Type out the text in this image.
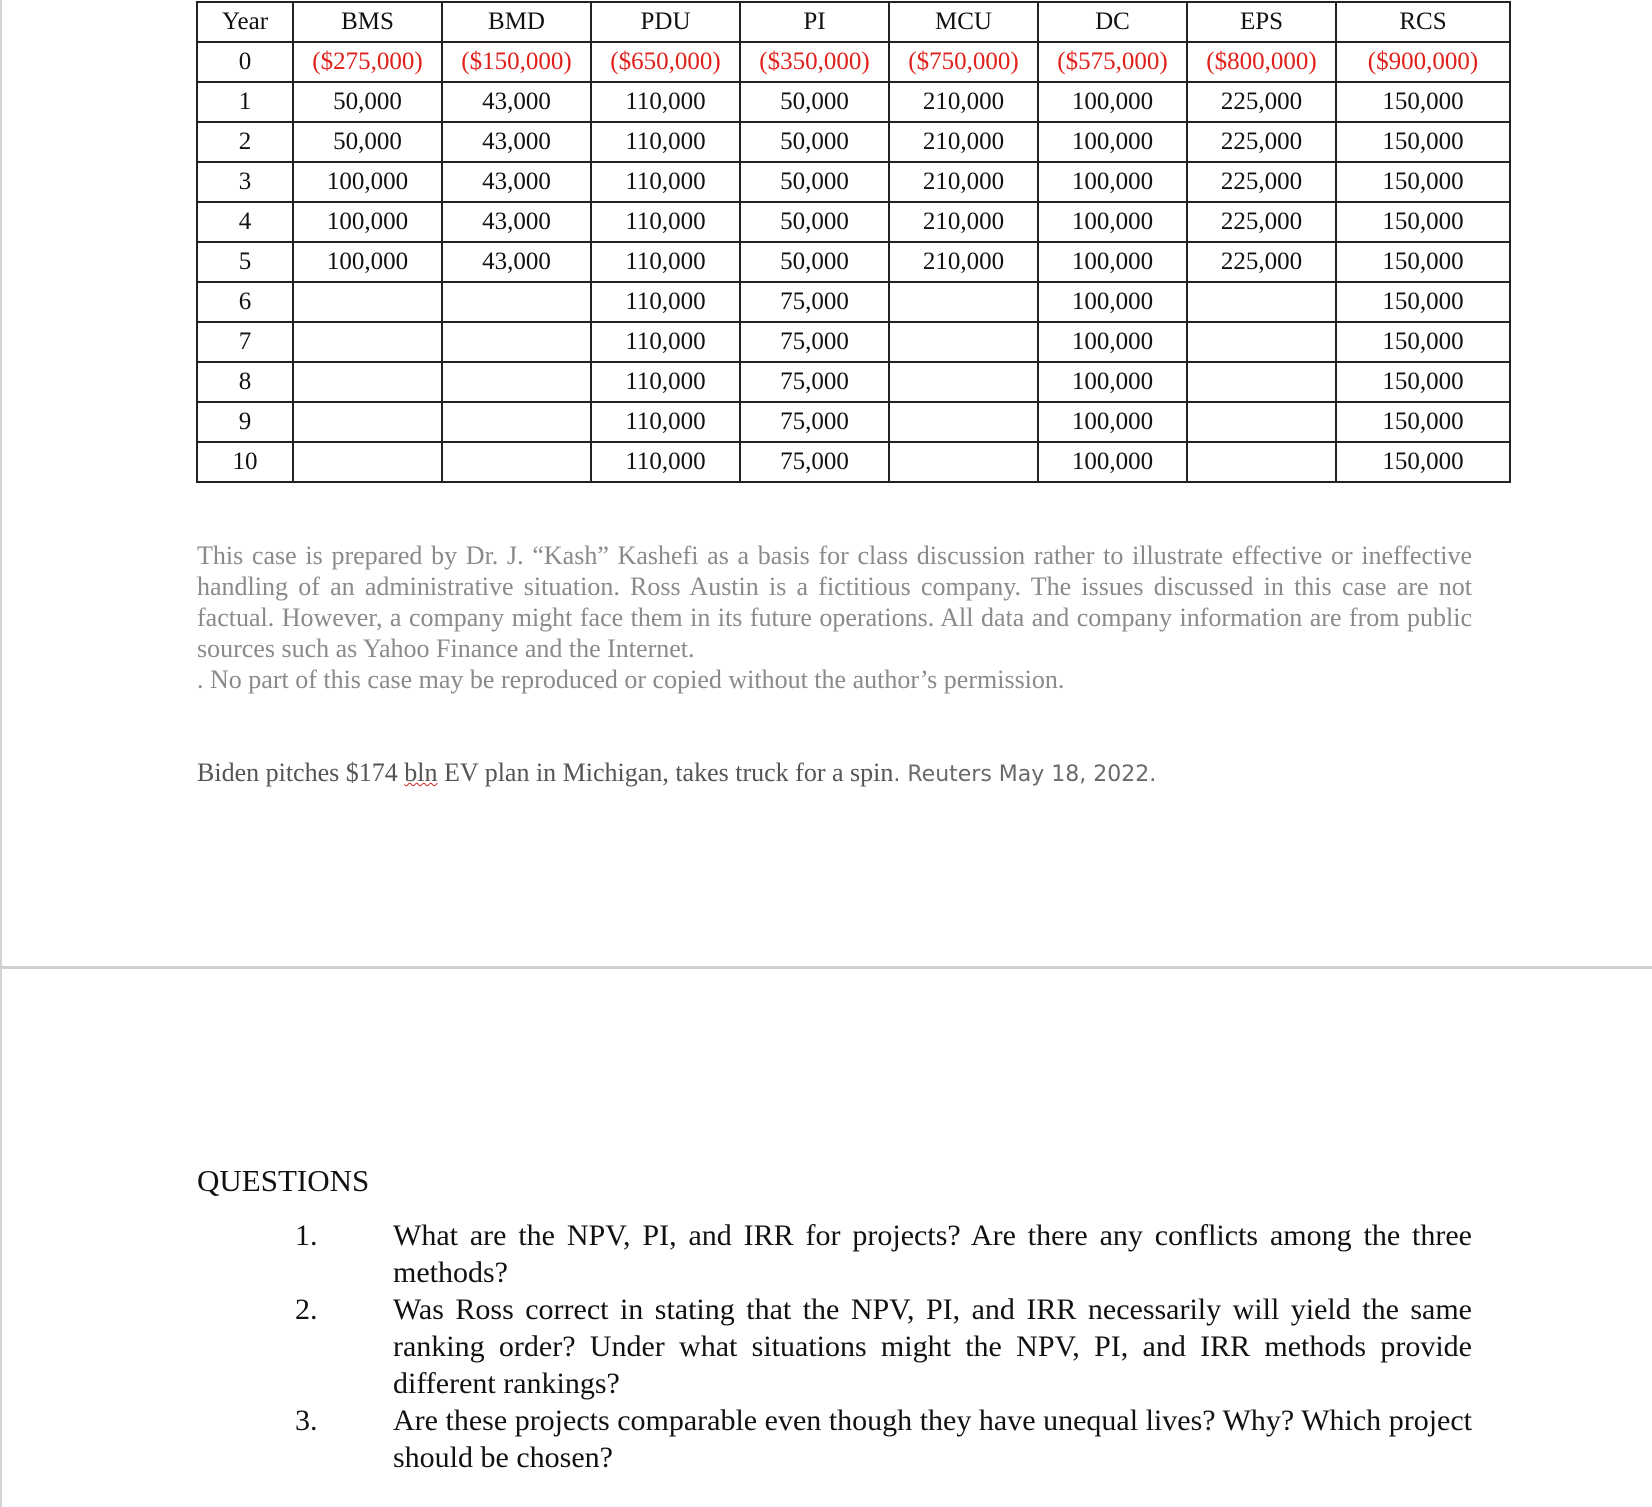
Year	BMS	BMD	PDU	PI	MCU	DC	EPS	RCS
0	($275,000)	($150,000)	($650,000)	($350,000)	($750,000)	($575,000)	($800,000)	($900,000)
1	50,000	43,000	110,000	50,000	210,000	100,000	225,000	150,000
2	50,000	43,000	110,000	50,000	210,000	100,000	225,000	150,000
3	100,000	43,000	110,000	50,000	210,000	100,000	225,000	150,000
4	100,000	43,000	110,000	50,000	210,000	100,000	225,000	150,000
5	100,000	43,000	110,000	50,000	210,000	100,000	225,000	150,000
6			110,000	75,000		100,000		150,000
7			110,000	75,000		100,000		150,000
8			110,000	75,000		100,000		150,000
9			110,000	75,000		100,000		150,000
10			110,000	75,000		100,000		150,000

This case is prepared by Dr. J. “Kash” Kashefi as a basis for class discussion rather to illustrate effective or ineffective handling of an administrative situation. Ross Austin is a fictitious company. The issues discussed in this case are not factual. However, a company might face them in its future operations. All data and company information are from public sources such as Yahoo Finance and the Internet.

. No part of this case may be reproduced or copied without the author’s permission.

Biden pitches $174 bln EV plan in Michigan, takes truck for a spin. Reuters May 18, 2022.
QUESTIONS
1.	What are the NPV, PI, and IRR for projects? Are there any conflicts among the three methods?
2.	Was Ross correct in stating that the NPV, PI, and IRR necessarily will yield the same ranking order? Under what situations might the NPV, PI, and IRR methods provide different rankings?
3.	Are these projects comparable even though they have unequal lives? Why? Which project should be chosen?
